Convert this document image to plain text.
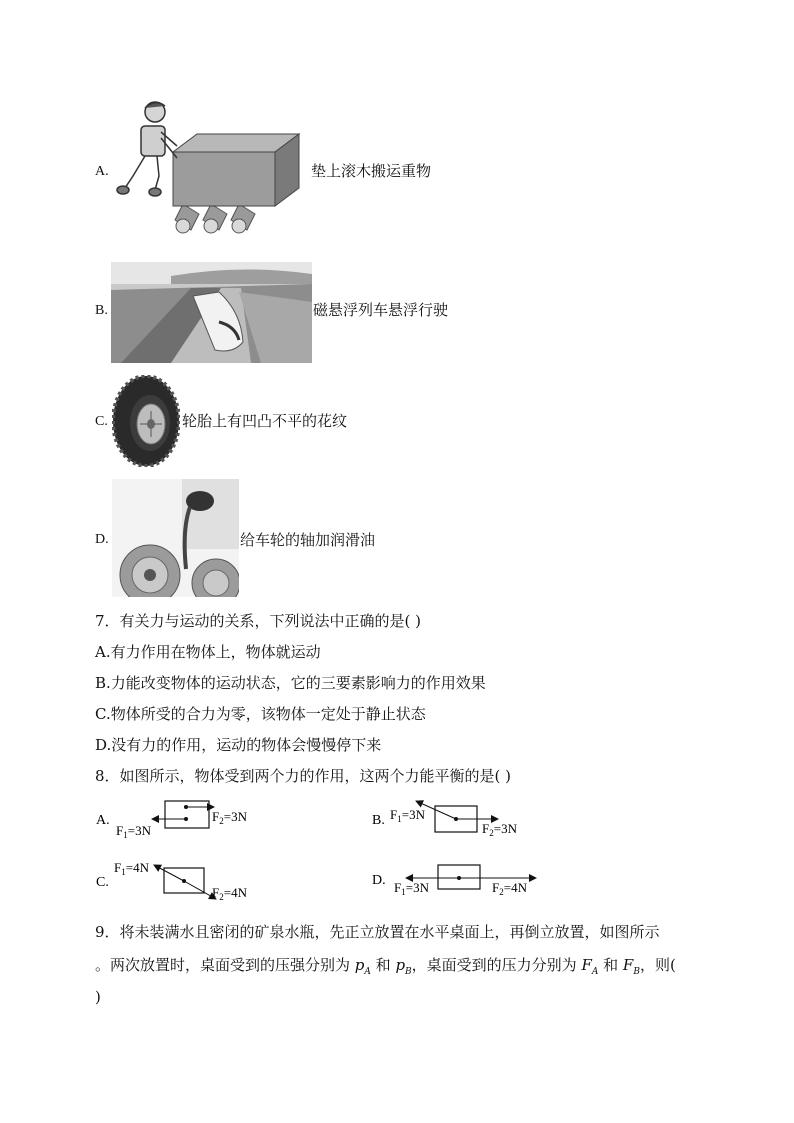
A.	垫上滚木搬运重物
B.	磁悬浮列车悬浮行驶
C.	轮胎上有凹凸不平的花纹
D.	给车轮的轴加润滑油
7．有关力与运动的关系，下列说法中正确的是( )
A.有力作用在物体上，物体就运动
B.力能改变物体的运动状态，它的三要素影响力的作用效果
C.物体所受的合力为零，该物体一定处于静止状态
D.没有力的作用，运动的物体会慢慢停下来
8．如图所示，物体受到两个力的作用，这两个力能平衡的是( )
A.
$F_1=3N$
$F_2=3N$	B. $F_1=3N$
$F_2=3N$
C.
$F_1=4N$
$F_2=4N$
D. $F_1=3N$	$F_2=4N$
9．将未装满水且密闭的矿泉水瓶，先正立放置在水平桌面上，再倒立放置，如图所示
。两次放置时，桌面受到的压强分别为 $p_A$ 和 $p_B$，桌面受到的压力分别为 $F_A$ 和 $F_B$，则(
)
